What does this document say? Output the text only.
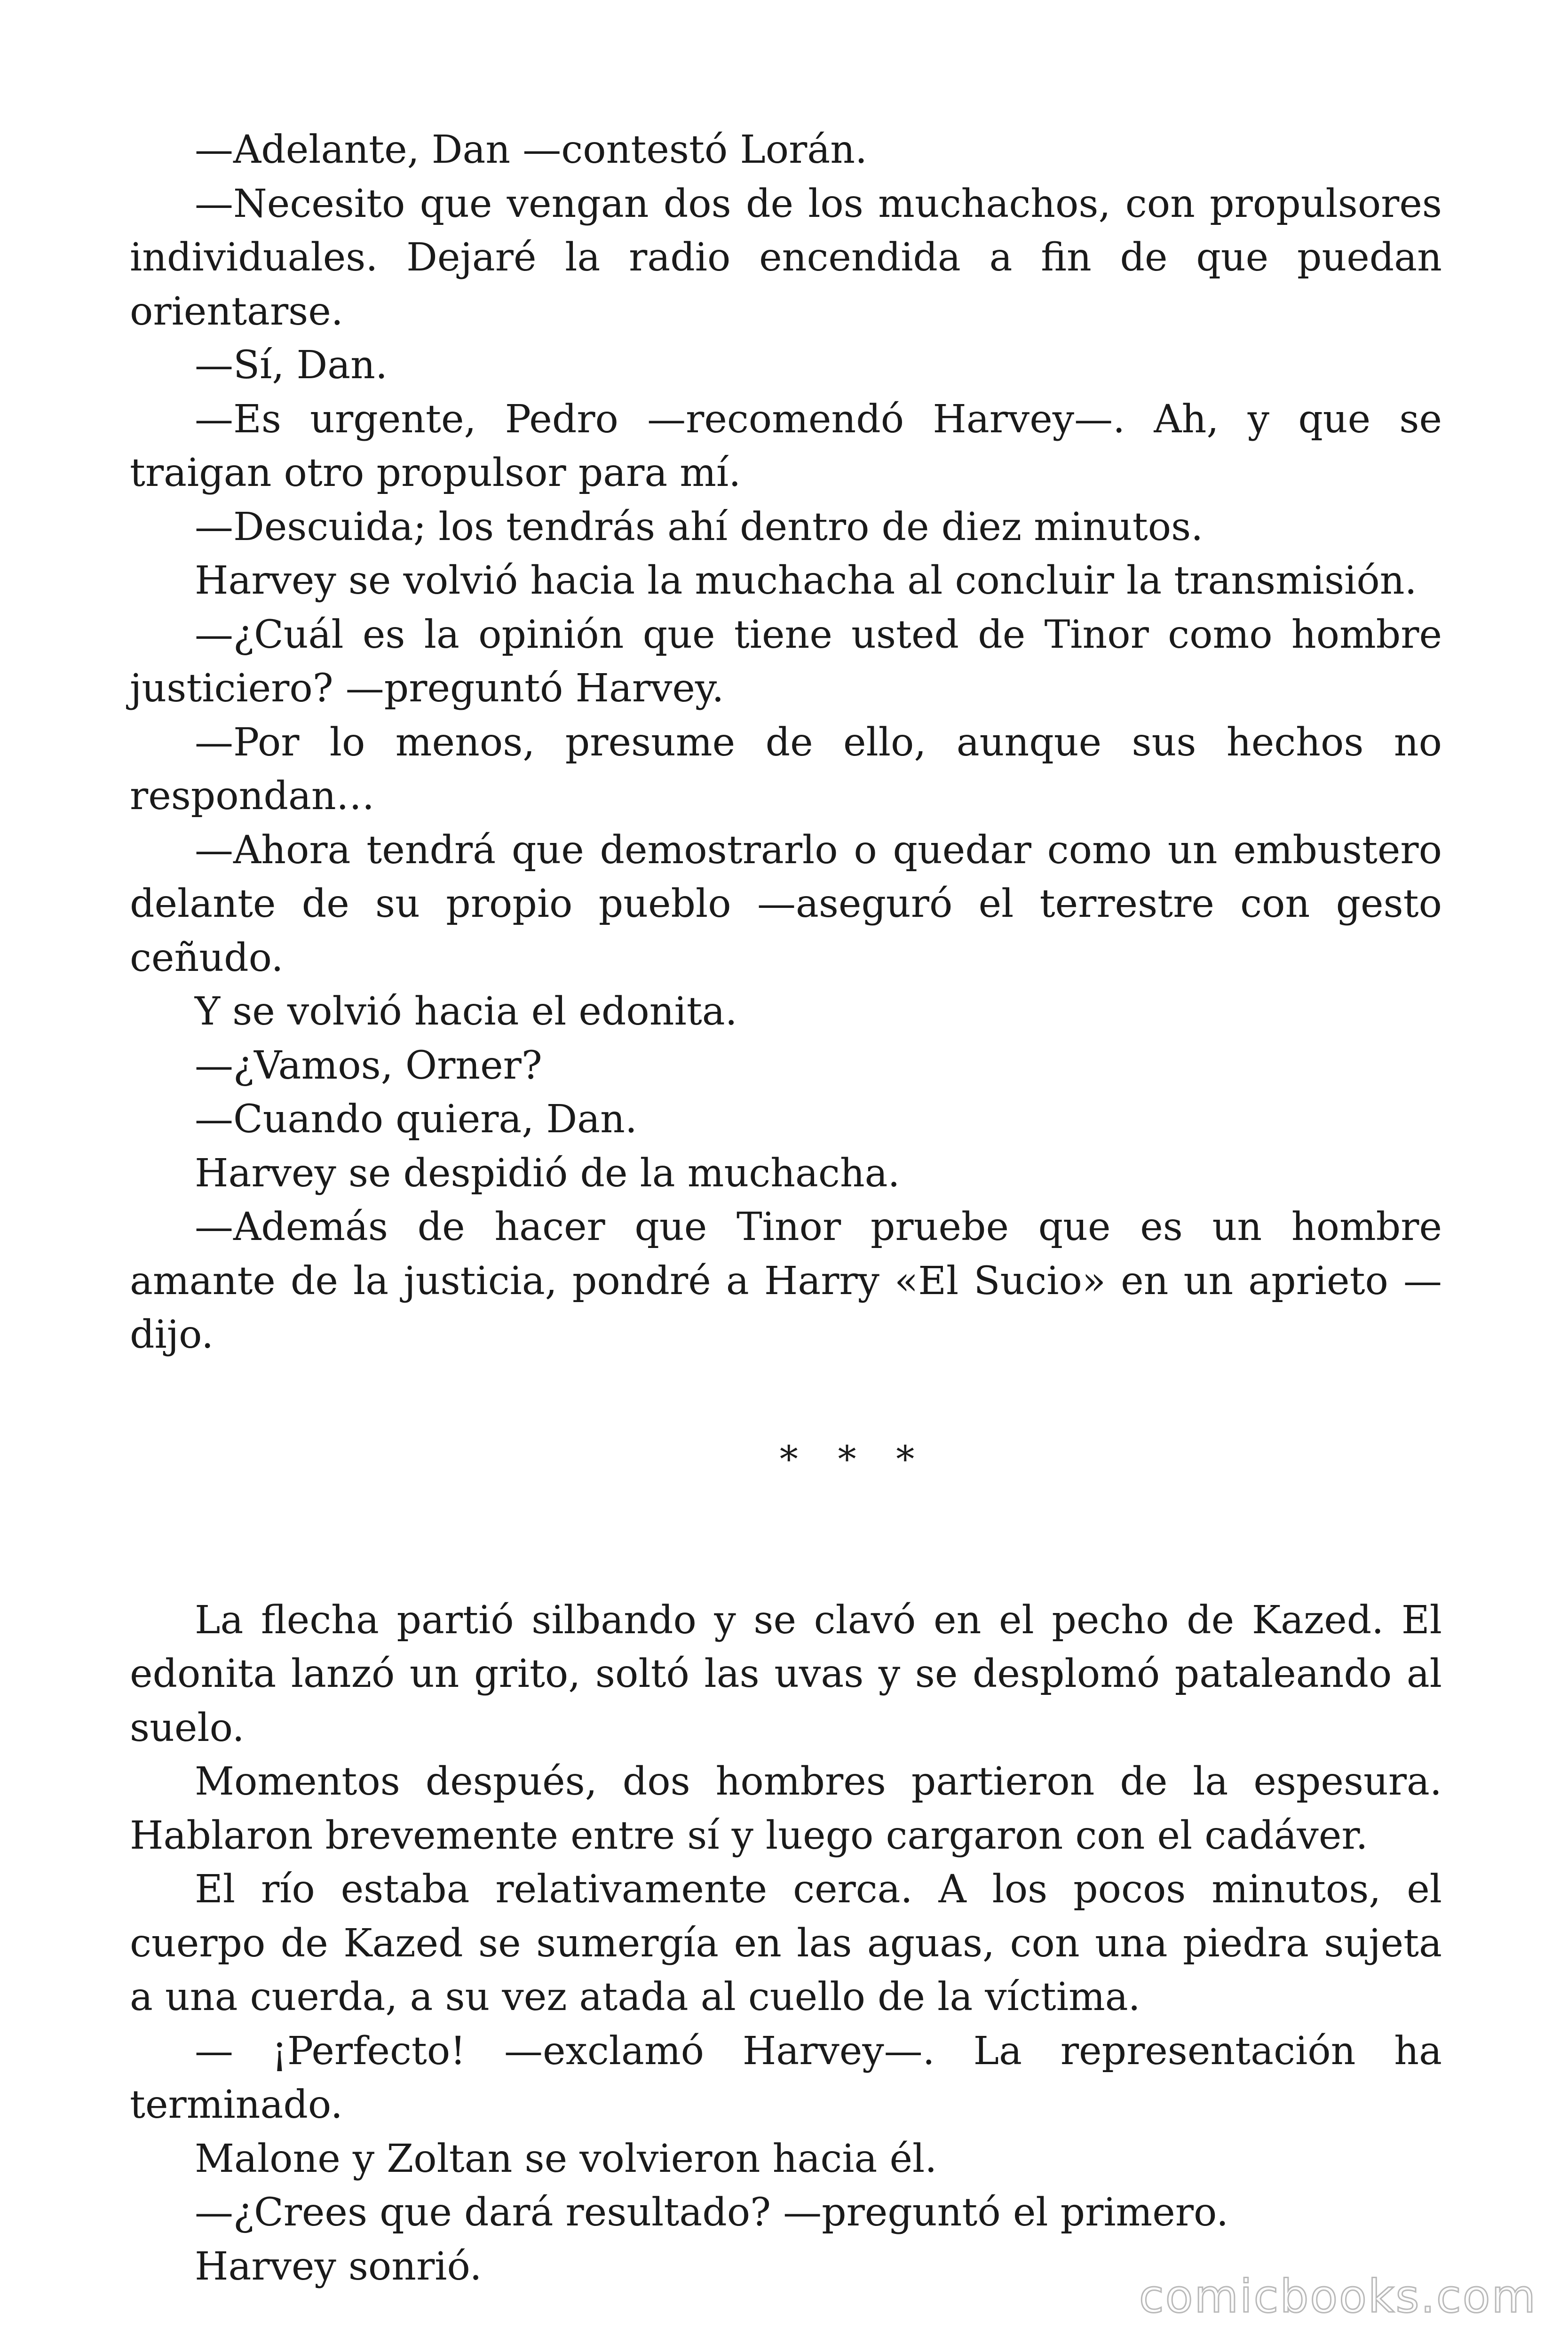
—Adelante, Dan —contestó Lorán.

—Necesito que vengan dos de los muchachos, con propulsores individuales. Dejaré la radio encendida a fin de que puedan orientarse.

—Sí, Dan.

—Es urgente, Pedro —recomendó Harvey—. Ah, y que se traigan otro propulsor para mí.

—Descuida; los tendrás ahí dentro de diez minutos.

Harvey se volvió hacia la muchacha al concluir la transmisión.

—¿Cuál es la opinión que tiene usted de Tinor como hombre justiciero? —preguntó Harvey.

—Por lo menos, presume de ello, aunque sus hechos no respondan…

—Ahora tendrá que demostrarlo o quedar como un embustero delante de su propio pueblo —aseguró el terrestre con gesto ceñudo.

Y se volvió hacia el edonita.

—¿Vamos, Orner?

—Cuando quiera, Dan.

Harvey se despidió de la muchacha.

—Además de hacer que Tinor pruebe que es un hombre amante de la justicia, pondré a Harry «El Sucio» en un aprieto —dijo.

* * *

La flecha partió silbando y se clavó en el pecho de Kazed. El edonita lanzó un grito, soltó las uvas y se desplomó pataleando al suelo.

Momentos después, dos hombres partieron de la espesura. Hablaron brevemente entre sí y luego cargaron con el cadáver.

El río estaba relativamente cerca. A los pocos minutos, el cuerpo de Kazed se sumergía en las aguas, con una piedra sujeta a una cuerda, a su vez atada al cuello de la víctima.

— ¡Perfecto! —exclamó Harvey—. La representación ha terminado.

Malone y Zoltan se volvieron hacia él.

—¿Crees que dará resultado? —preguntó el primero.

Harvey sonrió.

comicbooks.com
